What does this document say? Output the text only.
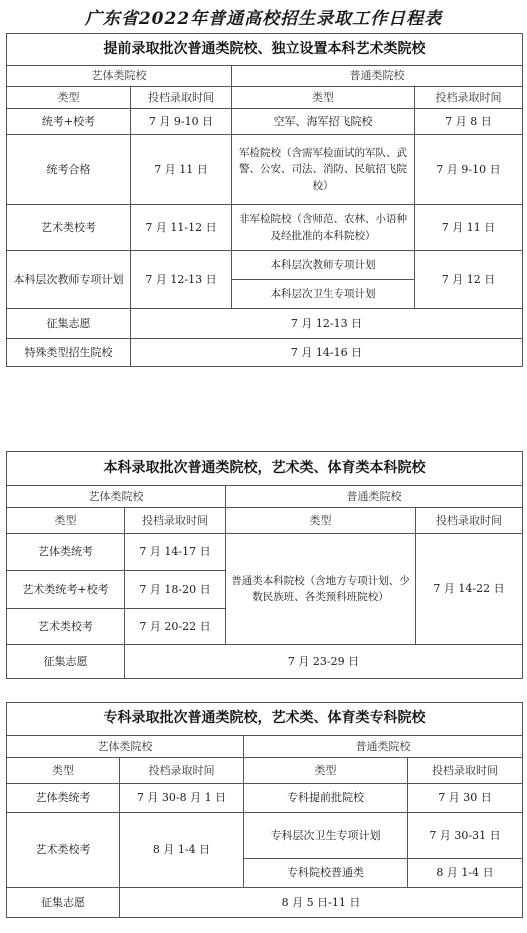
广东省2022年普通高校招生录取工作日程表
提前录取批次普通类院校、独立设置本科艺术类院校			
艺体类院校		普通类院校	
类型	投档录取时间	类型	投档录取时间
统考+校考	7 月 9-10 日	空军、海军招飞院校	7 月 8 日
统考合格	7 月 11 日	军检院校（含需军检面试的军队、武警、公安、司法、消防、民航招飞院校）	7 月 9-10 日
艺术类校考	7 月 11-12 日	非军检院校（含师范、农林、小语种及经批准的本科院校）	7 月 11 日
本科层次教师专项计划	7 月 12-13 日	本科层次教师专项计划	7 月 12 日
		本科层次卫生专项计划	
征集志愿	7 月 12-13 日		
特殊类型招生院校	7 月 14-16 日		
本科录取批次普通类院校，艺术类、体育类本科院校			
艺体类院校		普通类院校	
类型	投档录取时间	类型	投档录取时间
艺体类统考	7 月 14-17 日	普通类本科院校（含地方专项计划、少数民族班、各类预科班院校）	7 月 14-22 日
艺术类统考+校考	7 月 18-20 日		
艺术类校考	7 月 20-22 日		
征集志愿	7 月 23-29 日		
专科录取批次普通类院校，艺术类、体育类专科院校			
艺体类院校		普通类院校	
类型	投档录取时间	类型	投档录取时间
艺体类统考	7 月 30-8 月 1 日	专科提前批院校	7 月 30 日
艺术类校考	8 月 1-4 日	专科层次卫生专项计划	7 月 30-31 日
		专科院校普通类	8 月 1-4 日
征集志愿	8 月 5 日-11 日		
